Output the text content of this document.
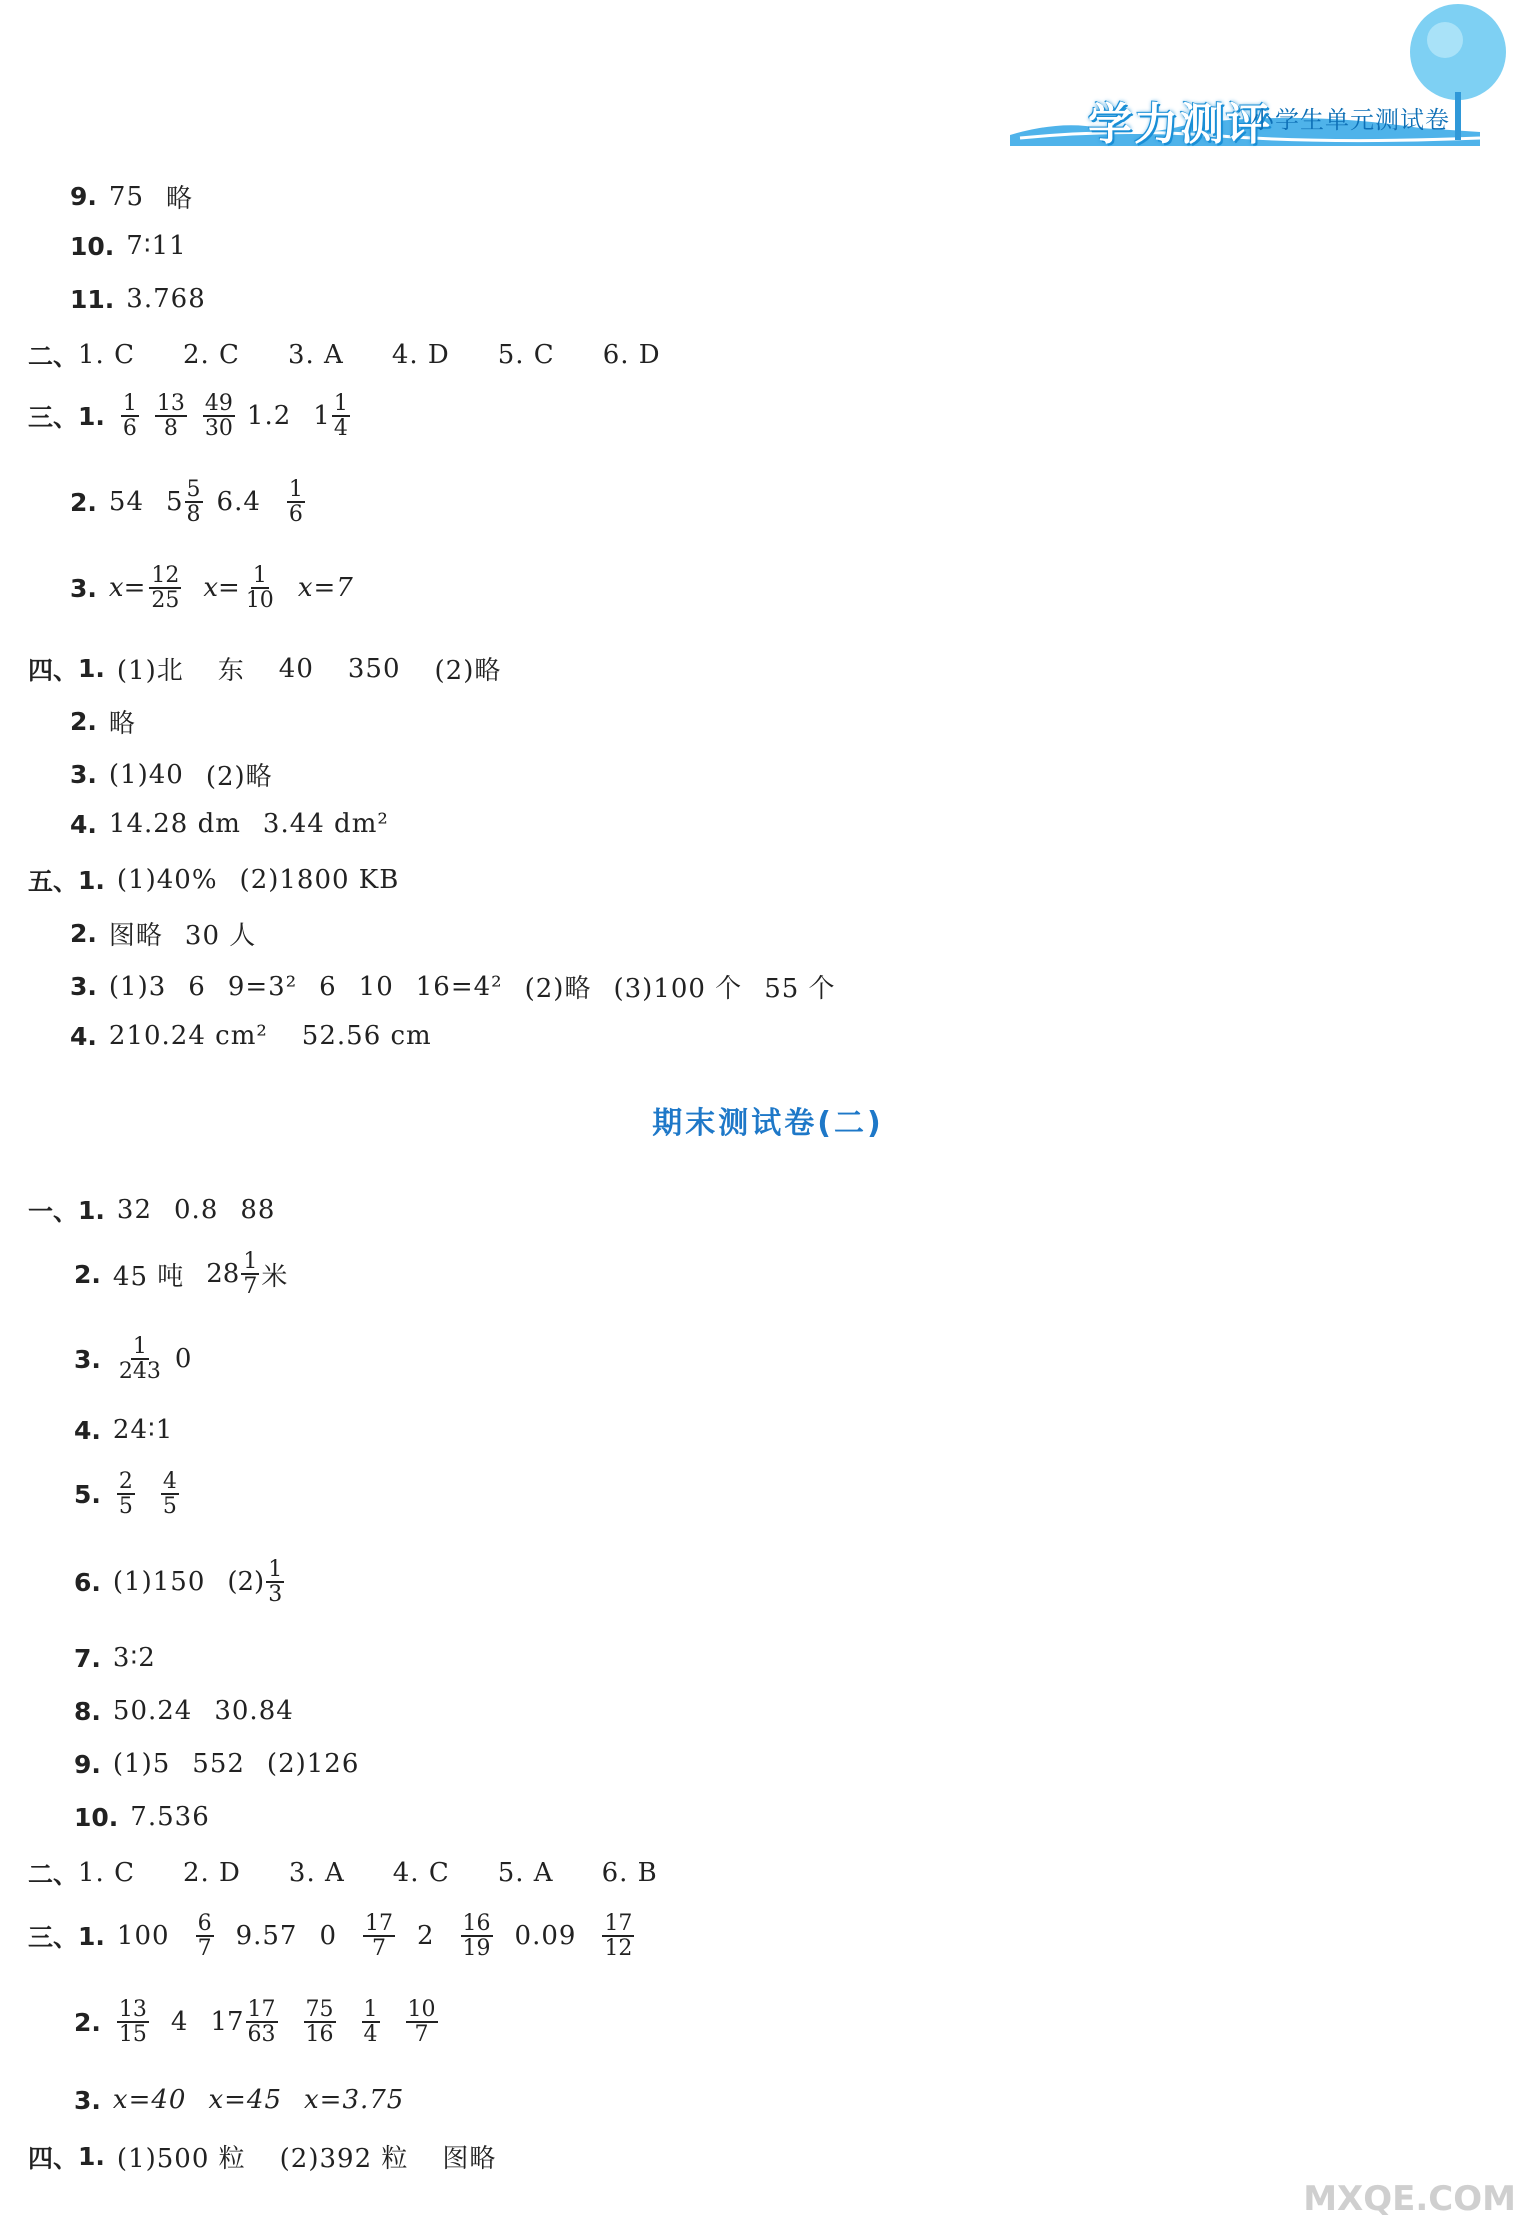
学力测评
小学生单元测试卷
9. 75 略
10. 7∶11
11. 3.768
二、 1. C 2. C 3. A 4. D 5. C 6. D
三、 1. $\frac{1}{6} \frac{13}{8} \frac{49}{30} 1.2$ $1 \frac{1}{4}$
2. 54 $5 \frac{5}{8} 6.4 \frac{1}{6}$
3. $x= \frac{12}{25} x= \frac{1}{10} x=7$
四、 1. (1)北 东 40 350 (2)略
2. 略
3. (1)40 (2)略
4. 14.28 dm 3.44 dm²
五、 1. (1)40% (2)1800 KB
2. 图略 30 人
3. (1)3 6 9=3² 6 10 16=4² (2)略 (3)100 个 55 个
4. 210.24 cm² 52.56 cm
期末测试卷(二)
一、 1. 32 0.8 88
2. 45 吨 $28 \frac{1}{7}$ 米
3. $\frac{1}{243} 0$
4. 24∶1
5. $\frac{2}{5} \frac{4}{5}$
6. (1)150 $(2) \frac{1}{3}$
7. 3∶2
8. 50.24 30.84
9. (1)5 552 (2)126
10. 7.536
二、 1. C 2. D 3. A 4. C 5. A 6. B
三、 1. $100 \frac{6}{7} 9.57$ $0 \frac{17}{7} 2 \frac{16}{19} 0.09 \frac{17}{12}$
2. $\frac{13}{15} 4$ $17 \frac{17}{63} \frac{75}{16} \frac{1}{4} \frac{10}{7}$
3. x=40 x=45 x=3.75
四、 1. (1)500 粒 (2)392 粒 图略
MXQE.COM
